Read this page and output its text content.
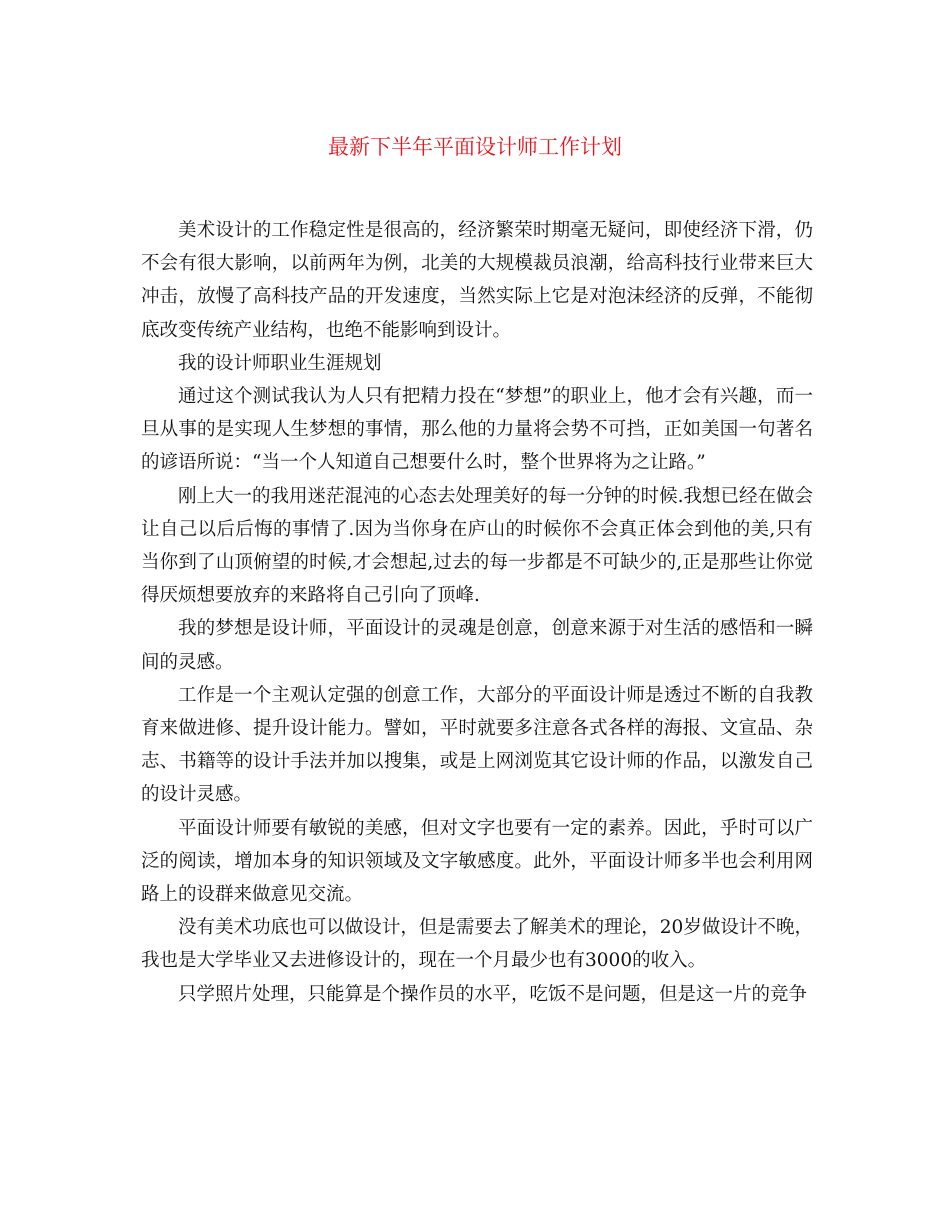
最新下半年平面设计师工作计划

美术设计的工作稳定性是很高的，经济繁荣时期毫无疑问，即使经济下滑，仍不会有很大影响，以前两年为例，北美的大规模裁员浪潮，给高科技行业带来巨大冲击，放慢了高科技产品的开发速度，当然实际上它是对泡沫经济的反弹，不能彻底改变传统产业结构，也绝不能影响到设计。

我的设计师职业生涯规划

通过这个测试我认为人只有把精力投在“梦想”的职业上，他才会有兴趣，而一旦从事的是实现人生梦想的事情，那么他的力量将会势不可挡，正如美国一句著名的谚语所说：“当一个人知道自己想要什么时，整个世界将为之让路。”

刚上大一的我用迷茫混沌的心态去处理美好的每一分钟的时候.我想已经在做会让自己以后后悔的事情了.因为当你身在庐山的时候你不会真正体会到他的美,只有当你到了山顶俯望的时候,才会想起,过去的每一步都是不可缺少的,正是那些让你觉得厌烦想要放弃的来路将自己引向了顶峰.

我的梦想是设计师，平面设计的灵魂是创意，创意来源于对生活的感悟和一瞬间的灵感。

工作是一个主观认定强的创意工作，大部分的平面设计师是透过不断的自我教育来做进修、提升设计能力。譬如，平时就要多注意各式各样的海报、文宣品、杂志、书籍等的设计手法并加以搜集，或是上网浏览其它设计师的作品，以激发自己的设计灵感。

平面设计师要有敏锐的美感，但对文字也要有一定的素养。因此，乎时可以广泛的阅读，增加本身的知识领域及文字敏感度。此外，平面设计师多半也会利用网路上的设群来做意见交流。

没有美术功底也可以做设计，但是需要去了解美术的理论，20岁做设计不晚，我也是大学毕业又去进修设计的，现在一个月最少也有3000的收入。

只学照片处理，只能算是个操作员的水平，吃饭不是问题，但是这一片的竞争
